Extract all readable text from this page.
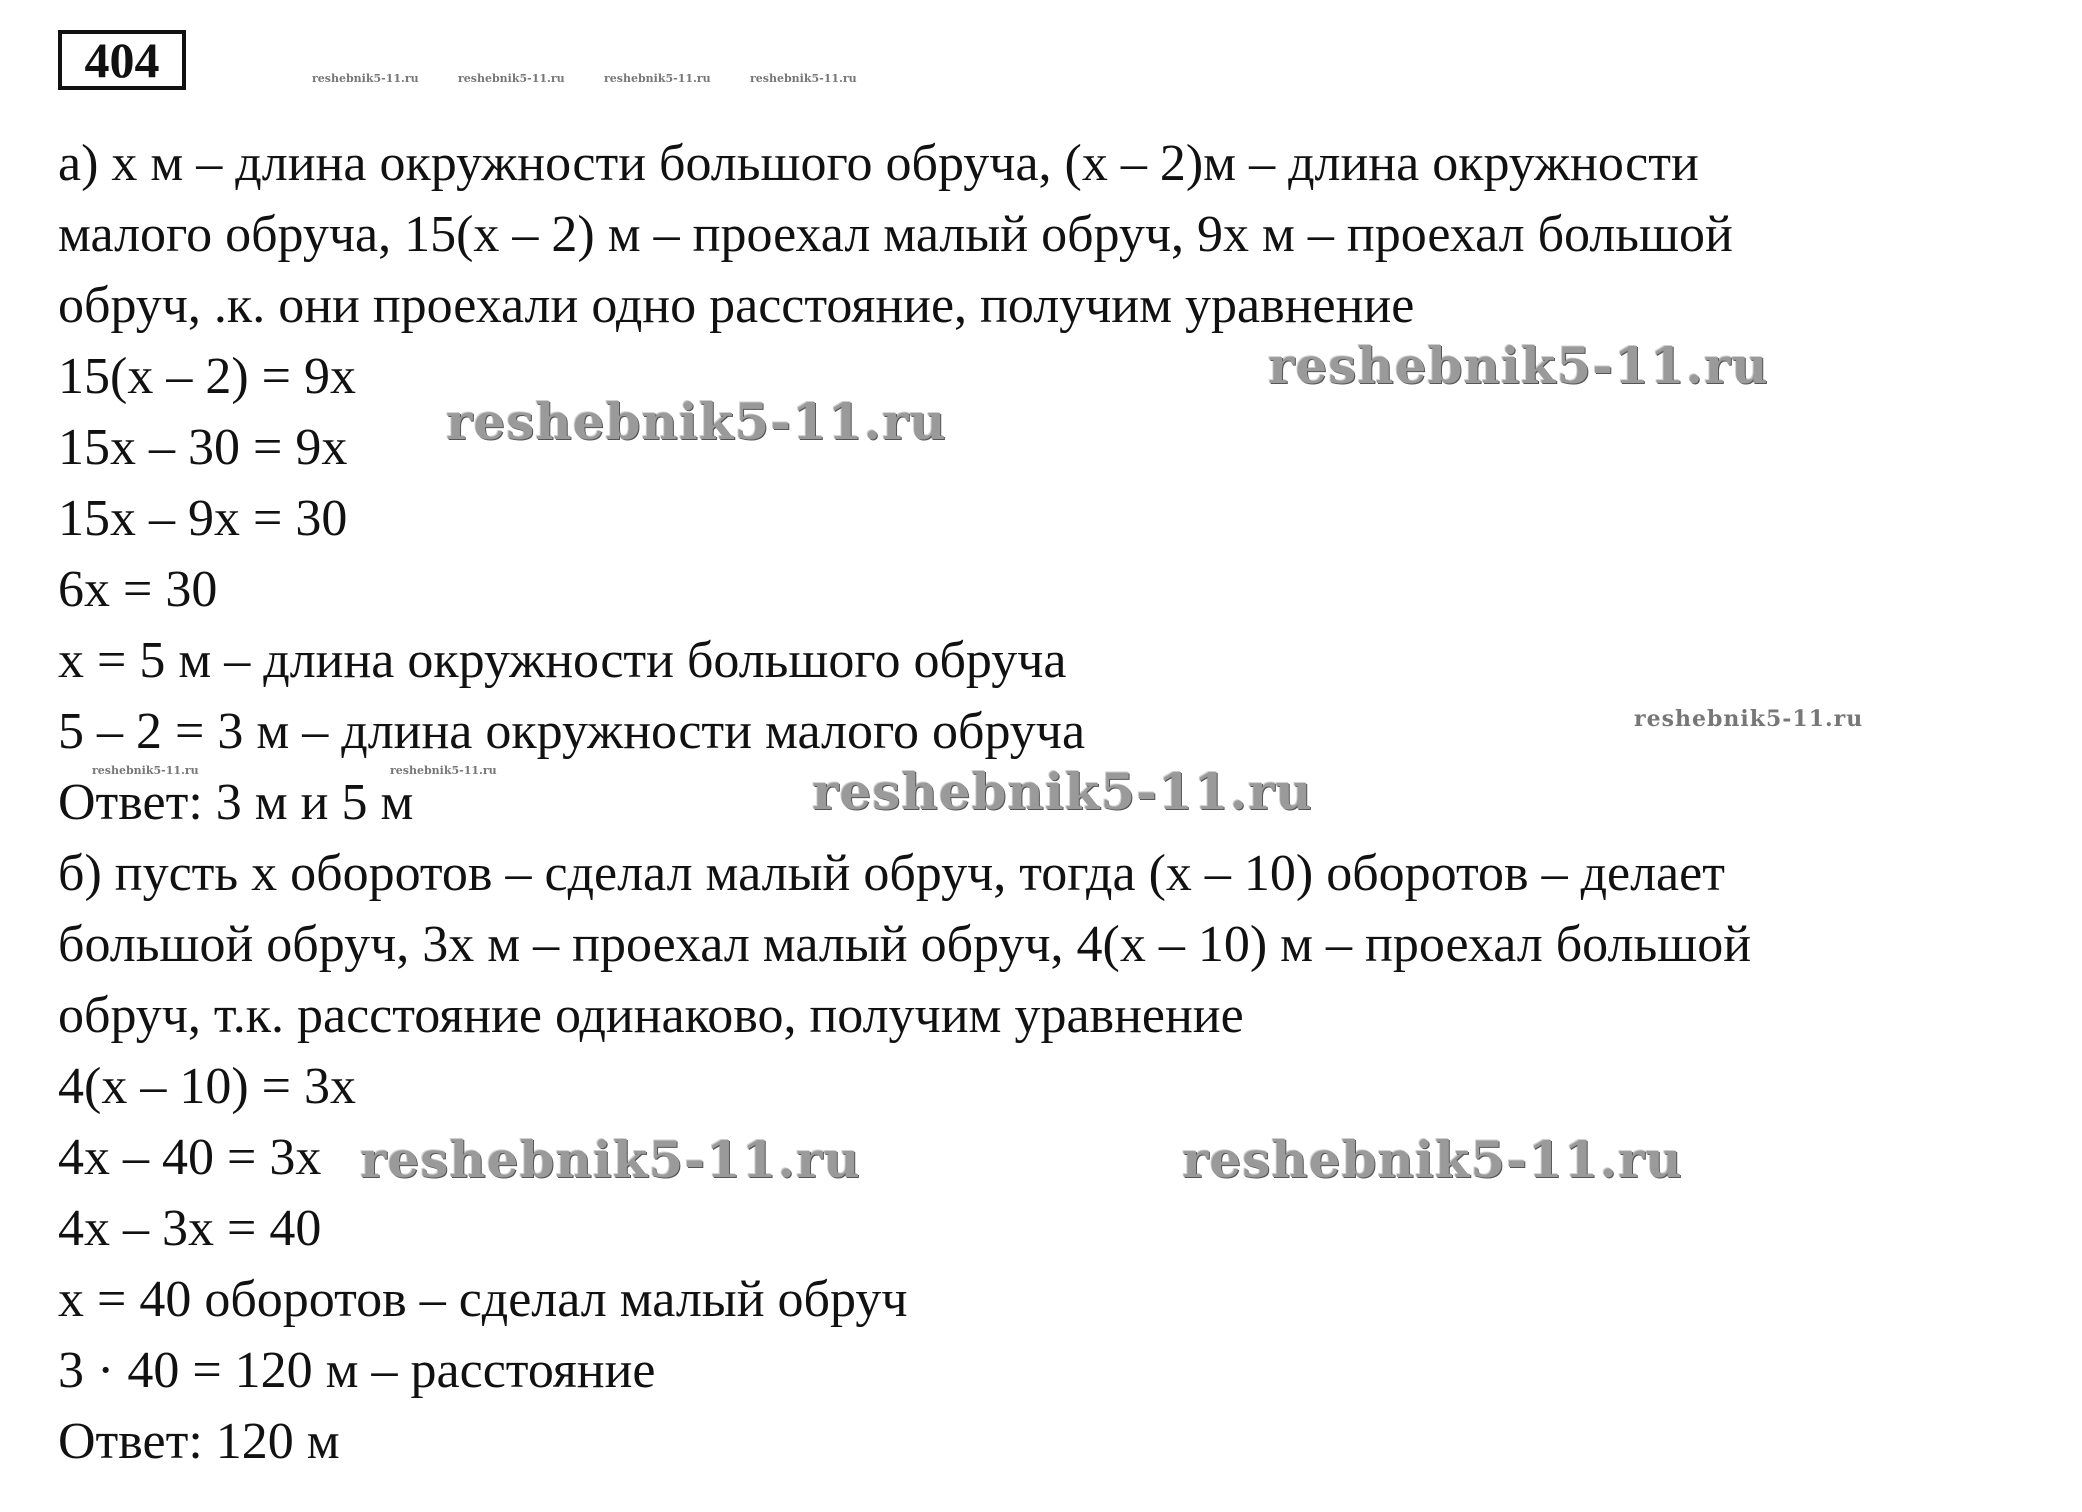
404
а) х м – длина окружности большого обруча, (х – 2)м – длина окружности
малого обруча, 15(х – 2) м – проехал малый обруч, 9х м – проехал большой
обруч, .к. они проехали одно расстояние, получим уравнение
15(х – 2) = 9х
15х – 30 = 9х
15х – 9х = 30
6х = 30
х = 5 м – длина окружности большого обруча
5 – 2 = 3 м – длина окружности малого обруча
Ответ: 3 м и 5 м
б) пусть х оборотов – сделал малый обруч, тогда (х – 10) оборотов – делает
большой обруч, 3х м – проехал малый обруч, 4(х – 10) м – проехал большой
обруч, т.к. расстояние одинаково, получим уравнение
4(х – 10) = 3х
4х – 40 = 3х
4х – 3х = 40
х = 40 оборотов – сделал малый обруч
3 · 40 = 120 м – расстояние
Ответ: 120 м
reshebnik5-11.ru	reshebnik5-11.ru	reshebnik5-11.ru	reshebnik5-11.ru
reshebnik5-11.ru
reshebnik5-11.ru
reshebnik5-11.ru
reshebnik5-11.ru	reshebnik5-11.ru	reshebnik5-11.ru
reshebnik5-11.ru	reshebnik5-11.ru
